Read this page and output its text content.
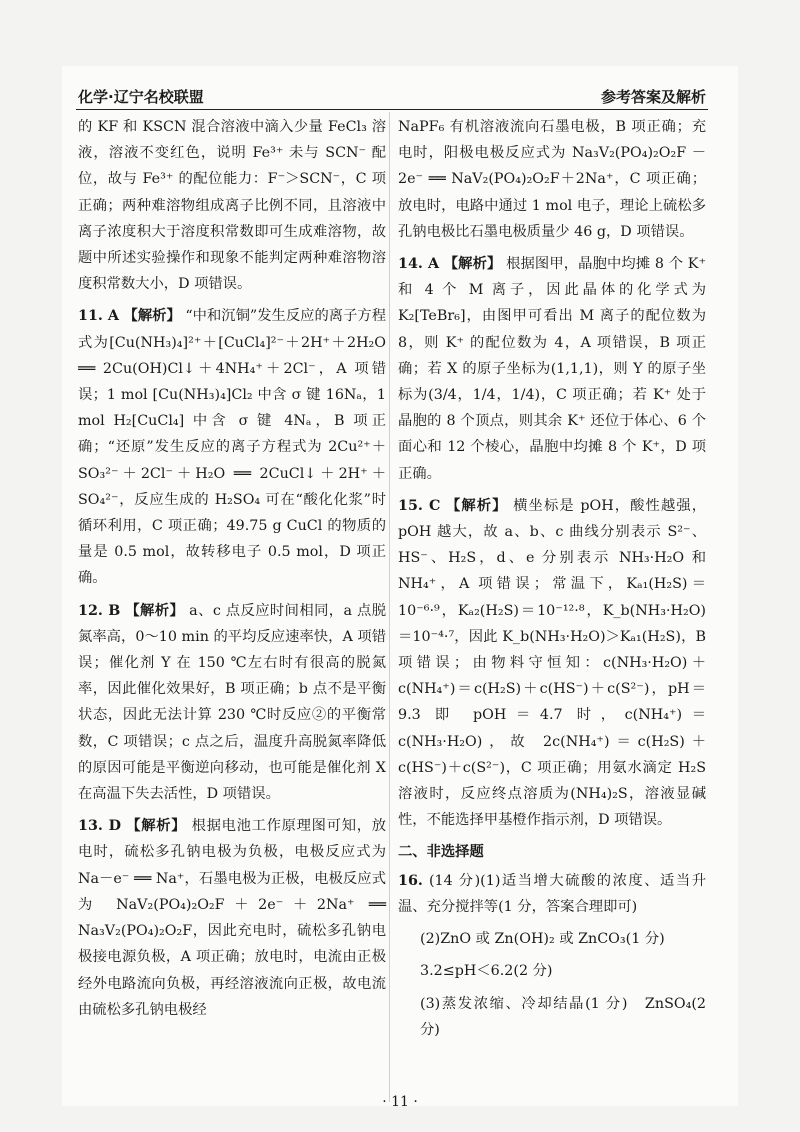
化学·辽宁名校联盟	参考答案及解析
的 KF 和 KSCN 混合溶液中滴入少量 FeCl₃ 溶液，溶液不变红色，说明 Fe³⁺ 未与 SCN⁻ 配位，故与 Fe³⁺ 的配位能力：F⁻＞SCN⁻，C 项正确；两种难溶物组成离子比例不同，且溶液中离子浓度积大于溶度积常数即可生成难溶物，故题中所述实验操作和现象不能判定两种难溶物溶度积常数大小，D 项错误。
11. A 【解析】 “中和沉铜”发生反应的离子方程式为[Cu(NH₃)₄]²⁺＋[CuCl₄]²⁻＋2H⁺＋2H₂O ══ 2Cu(OH)Cl↓＋4NH₄⁺＋2Cl⁻，A 项错误；1 mol [Cu(NH₃)₄]Cl₂ 中含 σ 键 16Nₐ，1 mol H₂[CuCl₄] 中含 σ 键 4Nₐ，B 项正确；“还原”发生反应的离子方程式为 2Cu²⁺＋SO₃²⁻＋2Cl⁻＋H₂O ══ 2CuCl↓＋2H⁺＋SO₄²⁻，反应生成的 H₂SO₄ 可在“酸化化浆”时循环利用，C 项正确；49.75 g CuCl 的物质的量是 0.5 mol，故转移电子 0.5 mol，D 项正确。
12. B 【解析】 a、c 点反应时间相同，a 点脱氮率高，0～10 min 的平均反应速率快，A 项错误；催化剂 Y 在 150 ℃左右时有很高的脱氮率，因此催化效果好，B 项正确；b 点不是平衡状态，因此无法计算 230 ℃时反应②的平衡常数，C 项错误；c 点之后，温度升高脱氮率降低的原因可能是平衡逆向移动，也可能是催化剂 X 在高温下失去活性，D 项错误。
13. D 【解析】 根据电池工作原理图可知，放电时，硫松多孔钠电极为负极，电极反应式为 Na－e⁻ ══ Na⁺，石墨电极为正极，电极反应式为 NaV₂(PO₄)₂O₂F＋2e⁻＋2Na⁺ ══ Na₃V₂(PO₄)₂O₂F，因此充电时，硫松多孔钠电极接电源负极，A 项正确；放电时，电流由正极经外电路流向负极，再经溶液流向正极，故电流由硫松多孔钠电极经
NaPF₆ 有机溶液流向石墨电极，B 项正确；充电时，阳极电极反应式为 Na₃V₂(PO₄)₂O₂F － 2e⁻ ══ NaV₂(PO₄)₂O₂F＋2Na⁺，C 项正确；放电时，电路中通过 1 mol 电子，理论上硫松多孔钠电极比石墨电极质量少 46 g，D 项错误。
14. A 【解析】 根据图甲，晶胞中均摊 8 个 K⁺ 和 4 个 M 离子，因此晶体的化学式为 K₂[TeBr₆]，由图甲可看出 M 离子的配位数为 8，则 K⁺ 的配位数为 4，A 项错误，B 项正确；若 X 的原子坐标为(1,1,1)，则 Y 的原子坐标为(3/4，1/4，1/4)，C 项正确；若 K⁺ 处于晶胞的 8 个顶点，则其余 K⁺ 还位于体心、6 个面心和 12 个棱心，晶胞中均摊 8 个 K⁺，D 项正确。
15. C 【解析】 横坐标是 pOH，酸性越强，pOH 越大，故 a、b、c 曲线分别表示 S²⁻、HS⁻、H₂S，d、e 分别表示 NH₃·H₂O 和 NH₄⁺，A 项错误；常温下，Kₐ₁(H₂S)＝10⁻⁶·⁹，Kₐ₂(H₂S)＝10⁻¹²·⁸，K_b(NH₃·H₂O)＝10⁻⁴·⁷，因此 K_b(NH₃·H₂O)＞Kₐ₁(H₂S)，B 项错误；由物料守恒知：c(NH₃·H₂O)＋c(NH₄⁺)＝c(H₂S)＋c(HS⁻)＋c(S²⁻)，pH＝9.3 即 pOH＝4.7 时，c(NH₄⁺)＝c(NH₃·H₂O)，故 2c(NH₄⁺)＝c(H₂S)＋c(HS⁻)＋c(S²⁻)，C 项正确；用氨水滴定 H₂S 溶液时，反应终点溶质为(NH₄)₂S，溶液显碱性，不能选择甲基橙作指示剂，D 项错误。
二、非选择题
16. (14 分)(1)适当增大硫酸的浓度、适当升温、充分搅拌等(1 分，答案合理即可)
(2)ZnO 或 Zn(OH)₂ 或 ZnCO₃(1 分)
3.2≤pH＜6.2(2 分)
(3)蒸发浓缩、冷却结晶(1 分)　ZnSO₄(2 分)
· 11 ·
